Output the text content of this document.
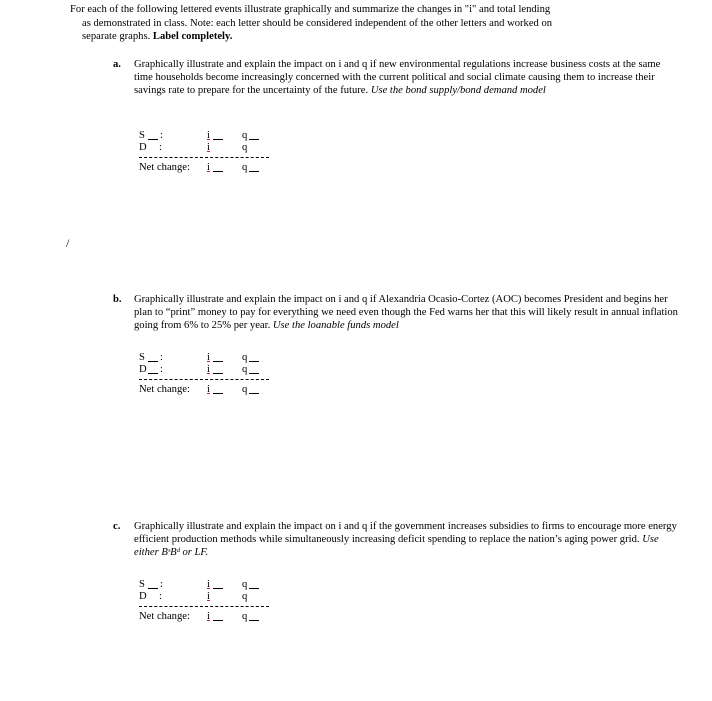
For each of the following lettered events illustrate graphically and summarize the changes in "i" and total lending
as demonstrated in class. Note: each letter should be considered independent of the other letters and worked on
separate graphs. Label completely.
a. Graphically illustrate and explain the impact on i and q if new environmental regulations increase business costs at the same time households become increasingly concerned with the current political and social climate causing them to increase their savings rate to prepare for the uncertainty of the future. Use the bond supply/bond demand model
S :	i	q
D :	i	q
Net change: i	q
/
b. Graphically illustrate and explain the impact on i and q if Alexandria Ocasio-Cortez (AOC) becomes President and begins her plan to “print” money to pay for everything we need even though the Fed warns her that this will likely result in annual inflation going from 6% to 25% per year. Use the loanable funds model
S :	i	q
D :	i	q
Net change: i	q
c. Graphically illustrate and explain the impact on i and q if the government increases subsidies to firms to encourage more energy efficient production methods while simultaneously increasing deficit spending to replace the nation’s aging power grid. Use either BˢBᵈ or LF.
S :	i	q
D :	i	q
Net change: i	q
